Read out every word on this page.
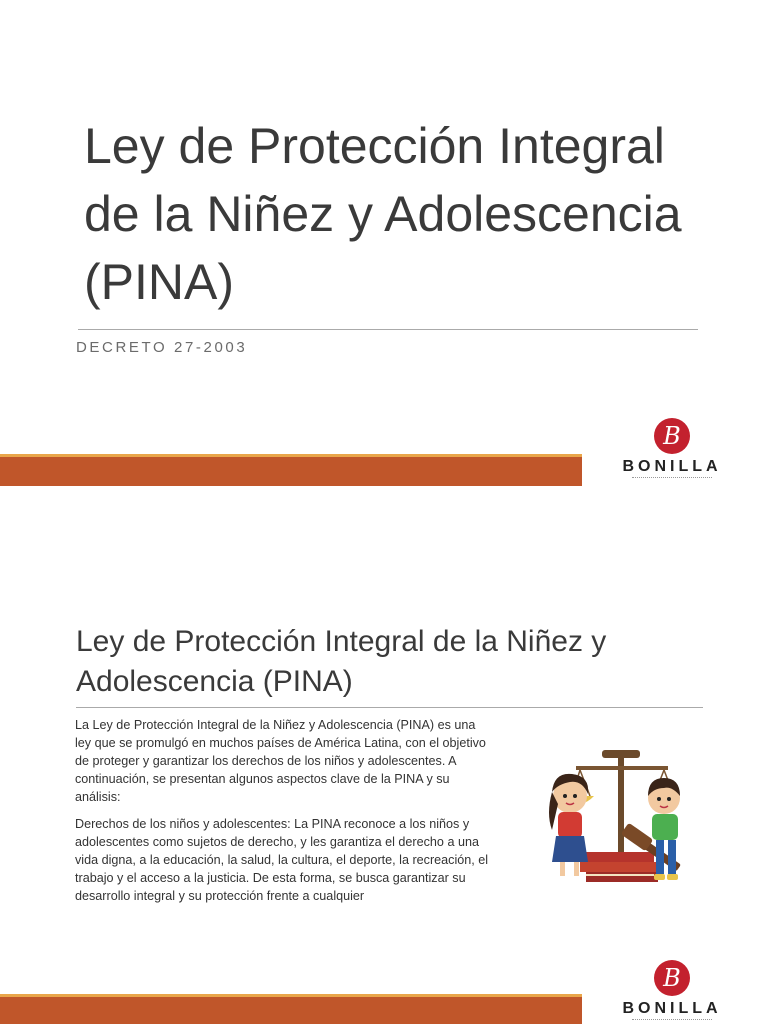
Ley de Protección Integral de la Niñez y Adolescencia (PINA)
DECRETO 27-2003
B
BONILLA
Ley de Protección Integral de la Niñez y Adolescencia (PINA)

La Ley de Protección Integral de la Niñez y Adolescencia (PINA) es una ley que se promulgó en muchos países de América Latina, con el objetivo de proteger y garantizar los derechos de los niños y adolescentes. A continuación, se presentan algunos aspectos clave de la PINA y su análisis:

Derechos de los niños y adolescentes: La PINA reconoce a los niños y adolescentes como sujetos de derecho, y les garantiza el derecho a una vida digna, a la educación, la salud, la cultura, el deporte, la recreación, el trabajo y el acceso a la justicia. De esta forma, se busca garantizar su desarrollo integral y su protección frente a cualquier

B
BONILLA
